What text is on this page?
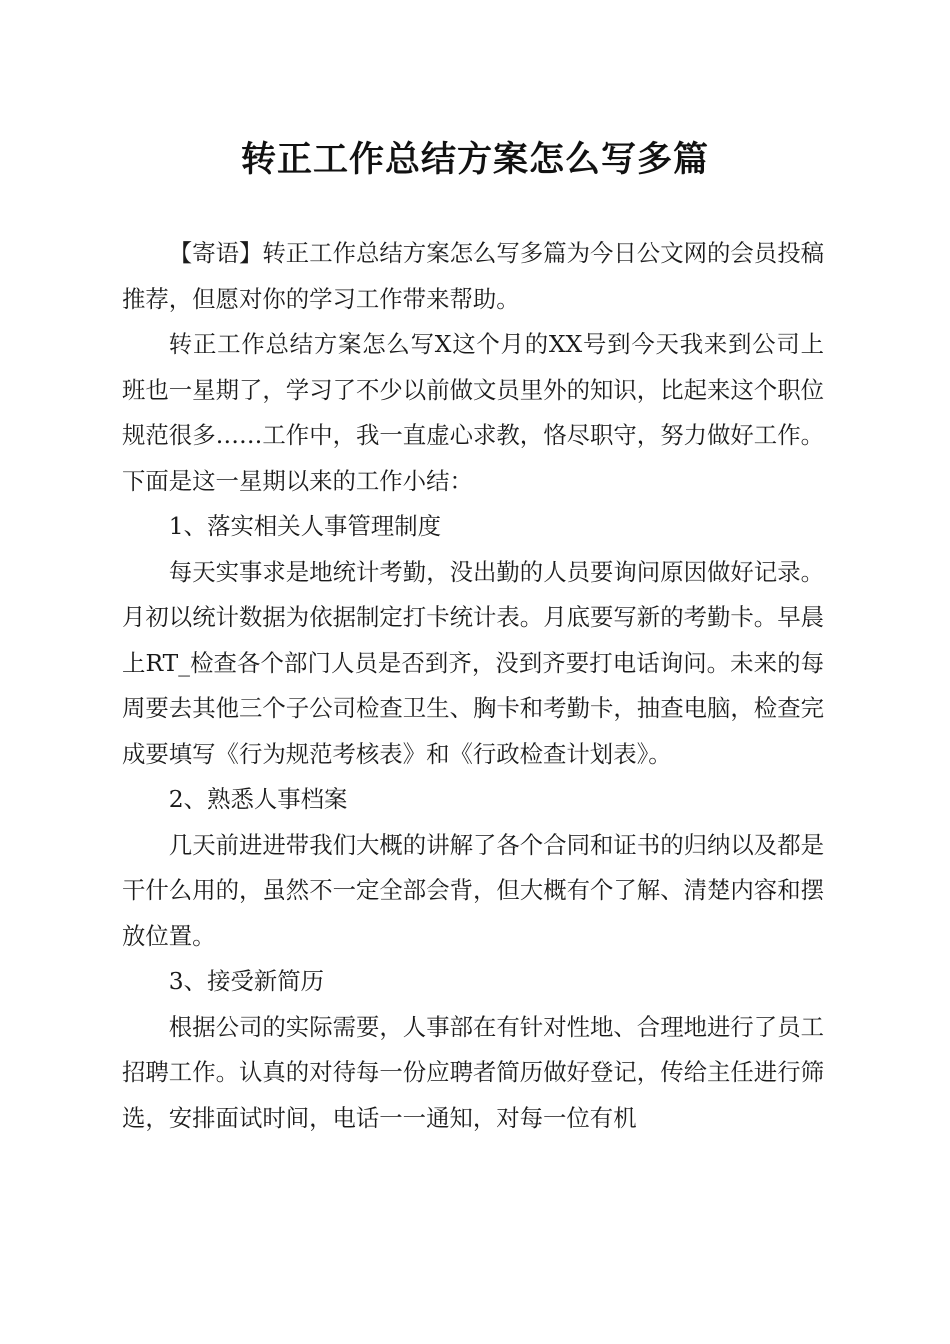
转正工作总结方案怎么写多篇

【寄语】转正工作总结方案怎么写多篇为今日公文网的会员投稿推荐，但愿对你的学习工作带来帮助。

转正工作总结方案怎么写X这个月的XX号到今天我来到公司上班也一星期了，学习了不少以前做文员里外的知识，比起来这个职位规范很多……工作中，我一直虚心求教，恪尽职守，努力做好工作。下面是这一星期以来的工作小结：

1、落实相关人事管理制度

每天实事求是地统计考勤，没出勤的人员要询问原因做好记录。月初以统计数据为依据制定打卡统计表。月底要写新的考勤卡。早晨上RT_检查各个部门人员是否到齐，没到齐要打电话询问。未来的每周要去其他三个子公司检查卫生、胸卡和考勤卡，抽查电脑，检查完成要填写《行为规范考核表》和《行政检查计划表》。

2、熟悉人事档案

几天前进进带我们大概的讲解了各个合同和证书的归纳以及都是干什么用的，虽然不一定全部会背，但大概有个了解、清楚内容和摆放位置。

3、接受新简历

根据公司的实际需要，人事部在有针对性地、合理地进行了员工招聘工作。认真的对待每一份应聘者简历做好登记，传给主任进行筛选，安排面试时间，电话一一通知，对每一位有机
